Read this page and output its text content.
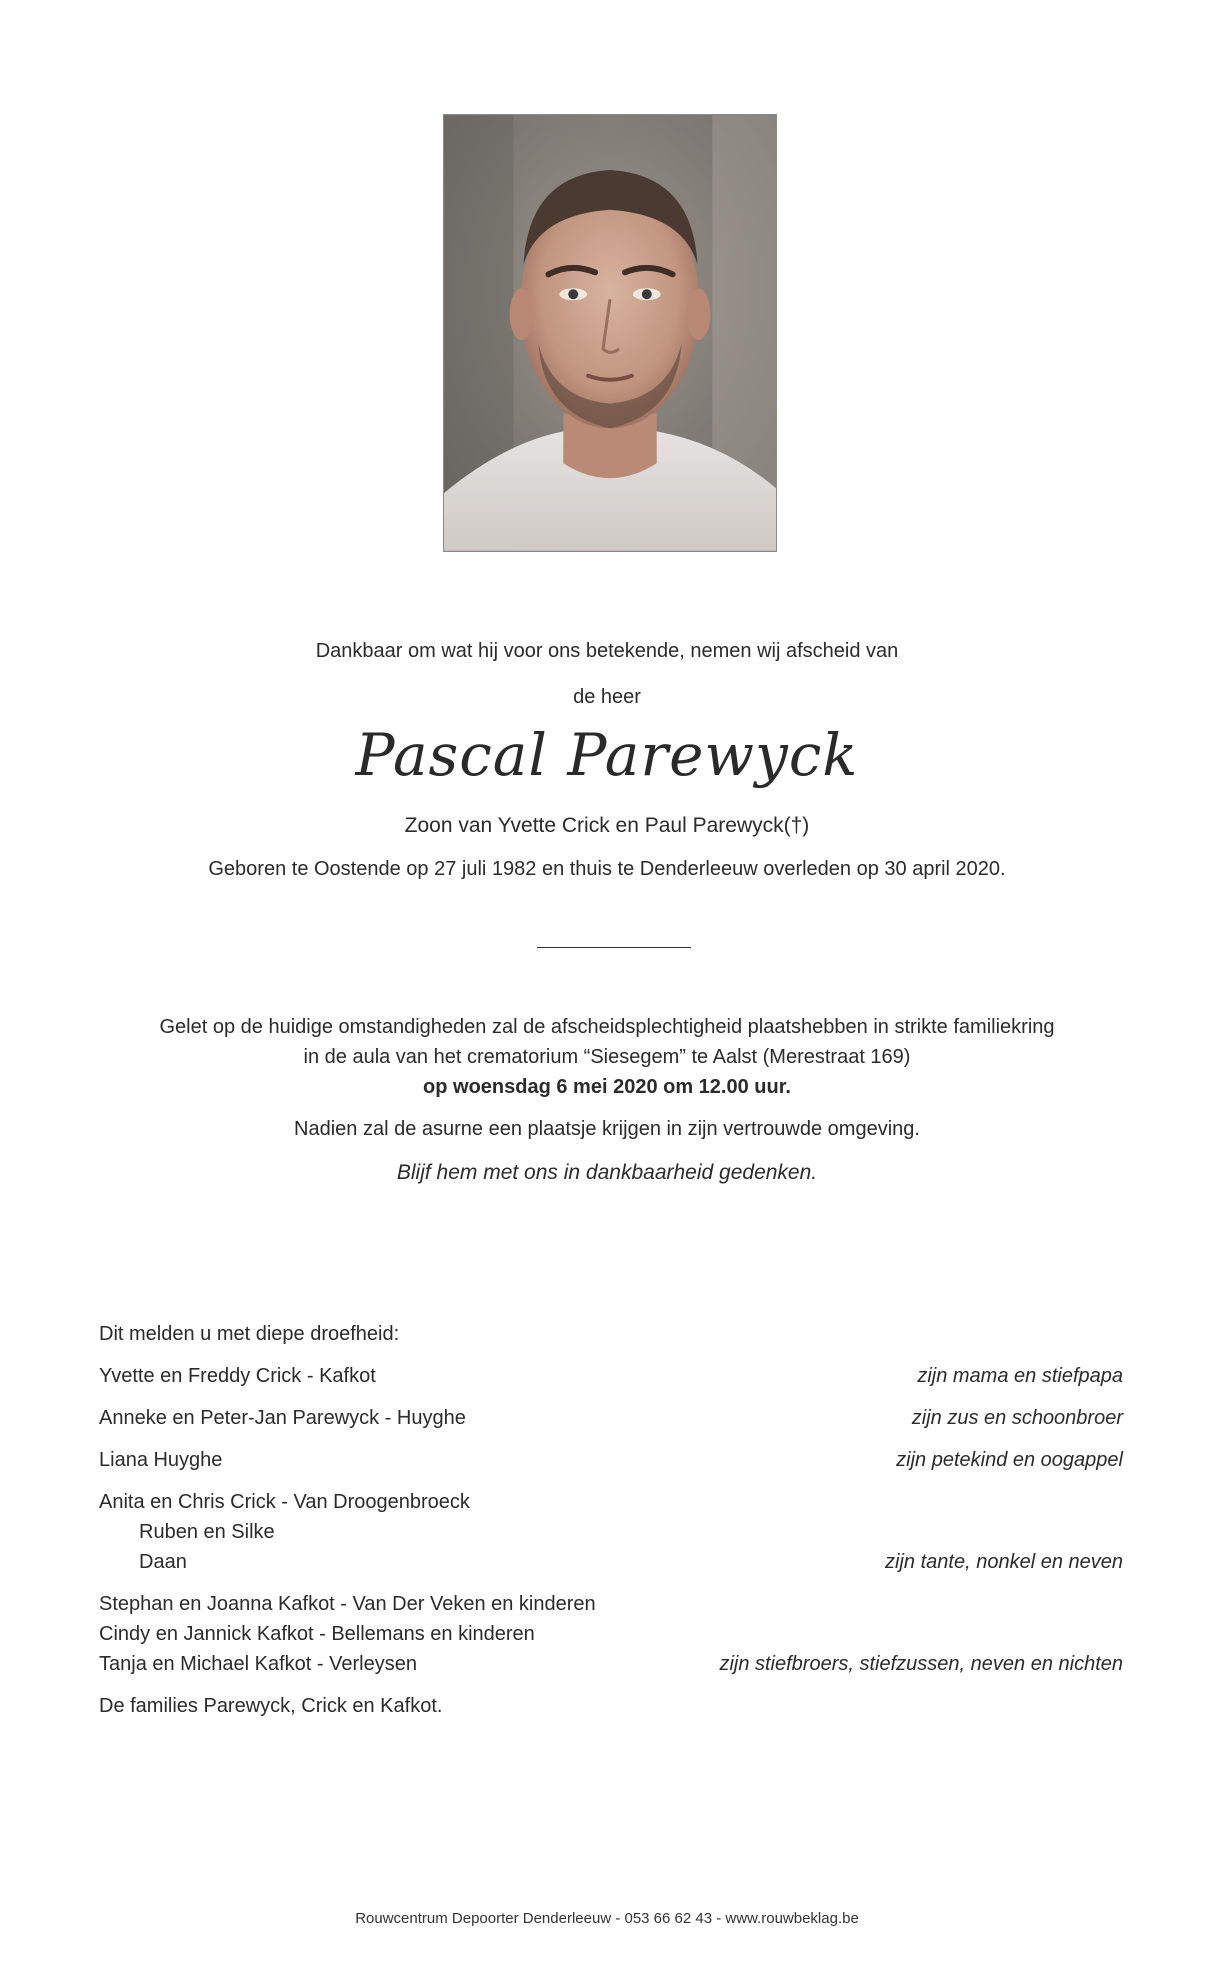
Dankbaar om wat hij voor ons betekende, nemen wij afscheid van
de heer
Pascal Parewyck
Zoon van Yvette Crick en Paul Parewyck(†)
Geboren te Oostende op 27 juli 1982 en thuis te Denderleeuw overleden op 30 april 2020.
Gelet op de huidige omstandigheden zal de afscheidsplechtigheid plaatshebben in strikte familiekring
in de aula van het crematorium “Siesegem” te Aalst (Merestraat 169)
op woensdag 6 mei 2020 om 12.00 uur.
Nadien zal de asurne een plaatsje krijgen in zijn vertrouwde omgeving.
Blijf hem met ons in dankbaarheid gedenken.
Dit melden u met diepe droefheid:
Yvette en Freddy Crick - Kafkot	zijn mama en stiefpapa
Anneke en Peter-Jan Parewyck - Huyghe	zijn zus en schoonbroer
Liana Huyghe	zijn petekind en oogappel
Anita en Chris Crick - Van Droogenbroeck
Ruben en Silke
Daan	zijn tante, nonkel en neven
Stephan en Joanna Kafkot - Van Der Veken en kinderen
Cindy en Jannick Kafkot - Bellemans en kinderen
Tanja en Michael Kafkot - Verleysen	zijn stiefbroers, stiefzussen, neven en nichten
De families Parewyck, Crick en Kafkot.
Rouwcentrum Depoorter Denderleeuw - 053 66 62 43 - www.rouwbeklag.be
